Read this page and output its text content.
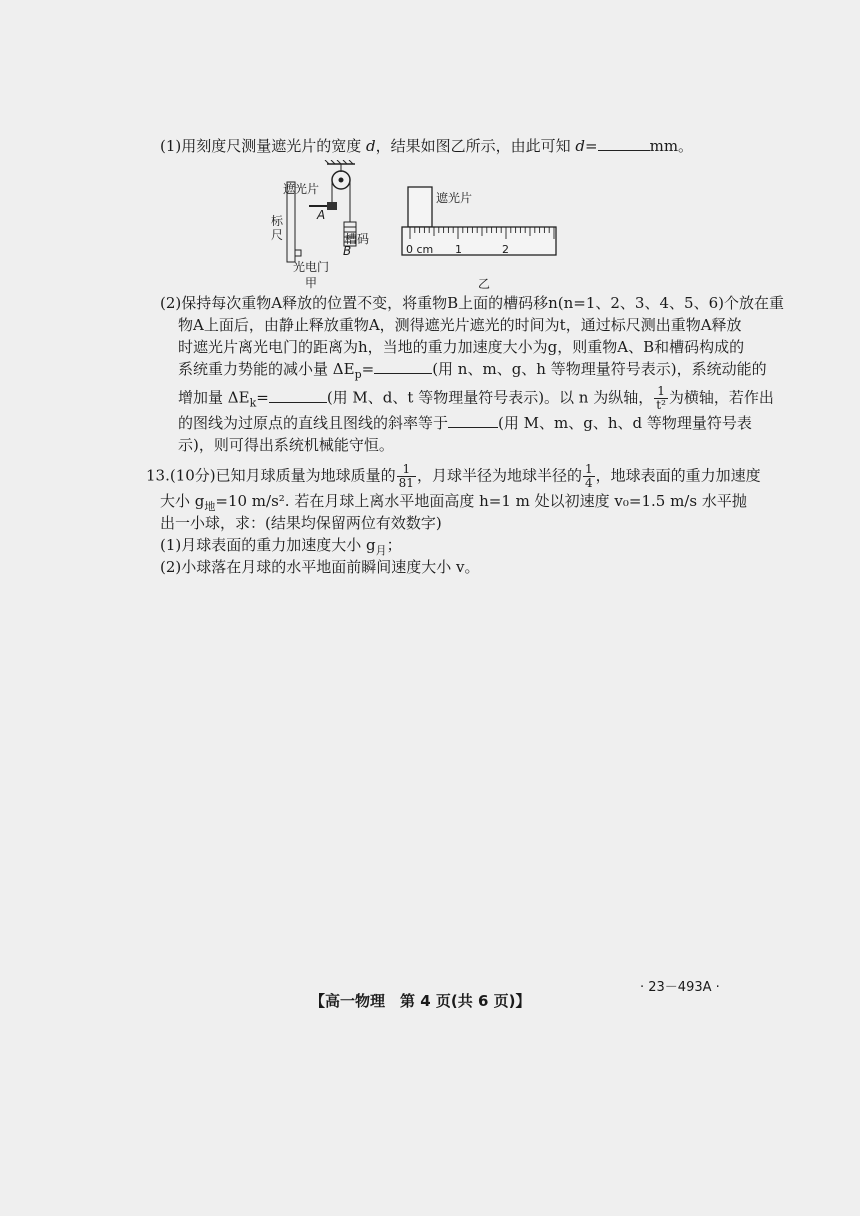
(1)用刻度尺测量遮光片的宽度 d，结果如图乙所示，由此可知 d=	mm。
遮光片
A
标
尺	槽码
B
光电门
甲
遮光片
0 cm 1	2
乙
(2)保持每次重物A释放的位置不变，将重物B上面的槽码移n(n=1、2、3、4、5、6)个放在重
物A上面后，由静止释放重物A，测得遮光片遮光的时间为t，通过标尺测出重物A释放
时遮光片离光电门的距离为h，当地的重力加速度大小为g，则重物A、B和槽码构成的
系统重力势能的减小量 $\Delta E_p=$	(用 n、m、g、h 等物理量符号表示)，系统动能的
增加量 $\Delta E_k=$	(用 M、d、t 等物理量符号表示)。以 n 为纵轴， $\frac{1}{\text{t²}}$ 为横轴，若作出
的图线为过原点的直线且图线的斜率等于	(用 M、m、g、h、d 等物理量符号表
示)，则可得出系统机械能守恒。
13.(10分)已知月球质量为地球质量的 $\frac{1}{81}$ ，月球半径为地球半径的 $\frac{1}{4}$ ，地球表面的重力加速度
大小 $g_地=10$ m/s². 若在月球上离水平地面高度 h=1 m 处以初速度 v₀=1.5 m/s 水平抛
出一小球，求：(结果均保留两位有效数字)
(1)月球表面的重力加速度大小 $g_月$；
(2)小球落在月球的水平地面前瞬间速度大小 v。
· 23－493A ·
【高一物理　第 4 页(共 6 页)】
